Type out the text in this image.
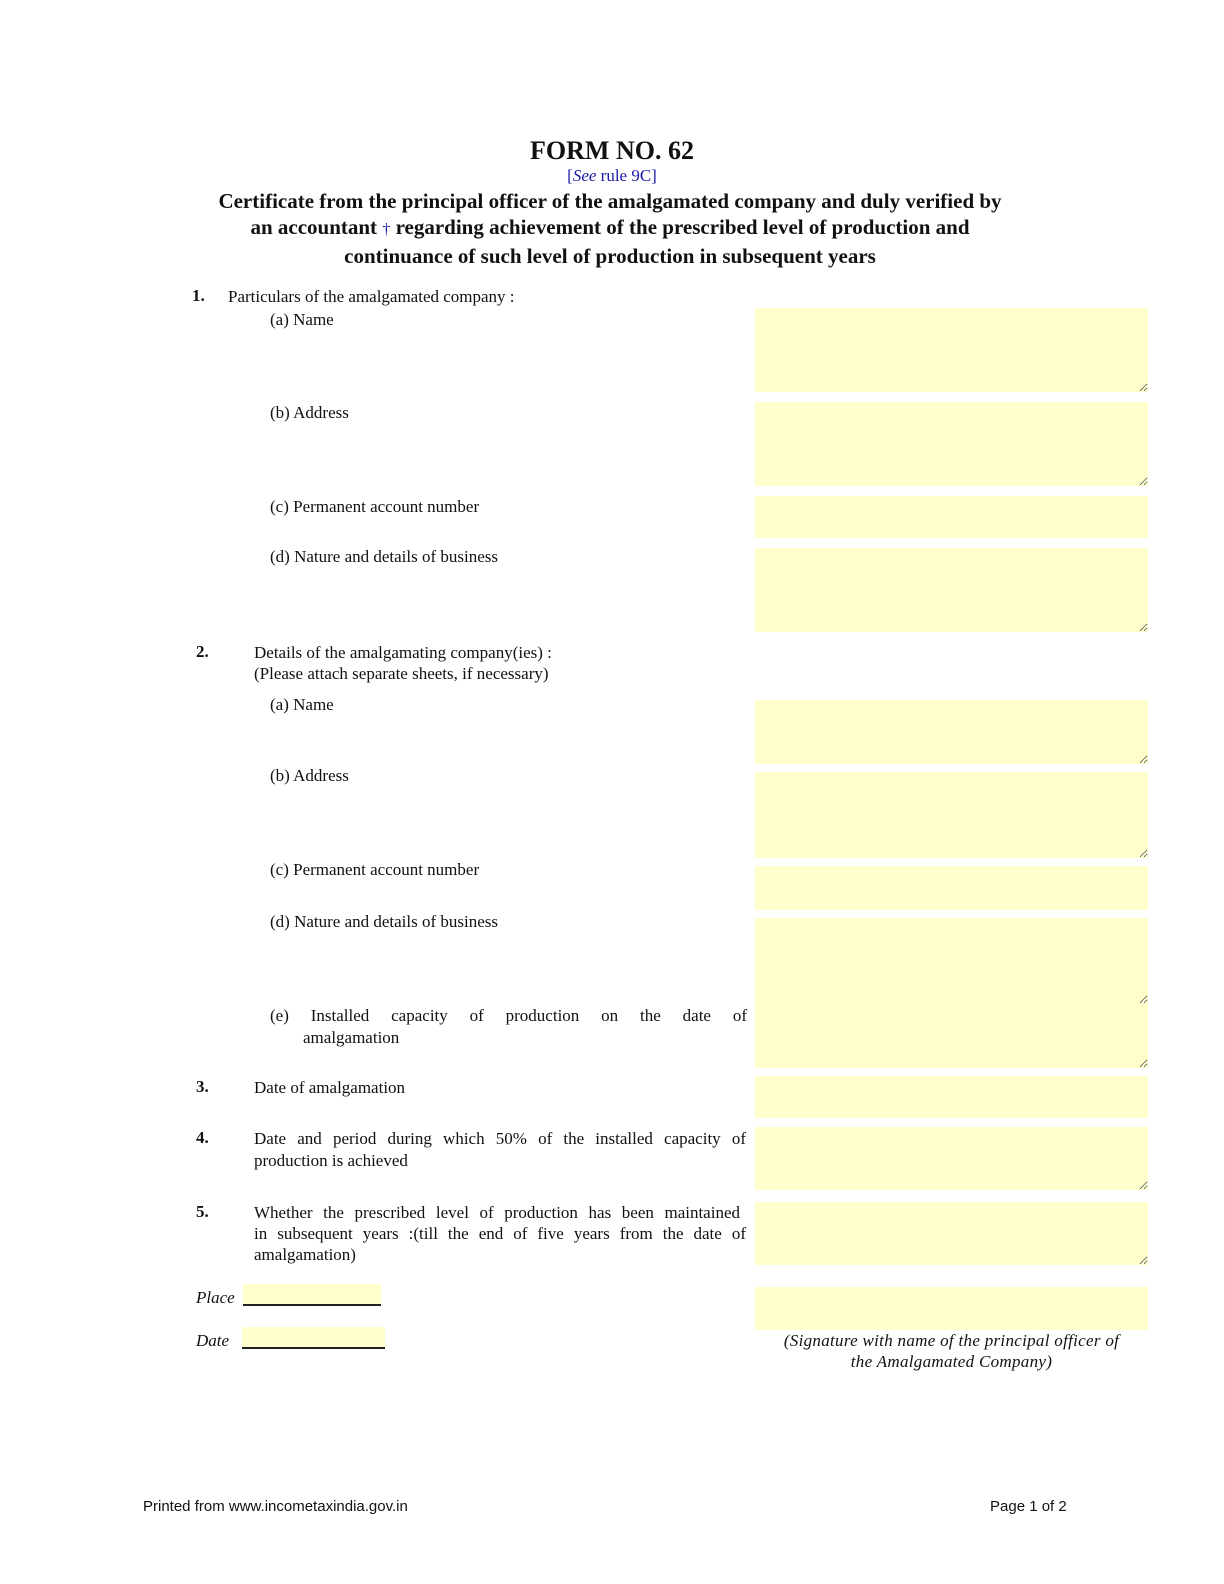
FORM NO. 62
[See rule 9C]
Certificate from the principal officer of the amalgamated company and duly verified by
an accountant † regarding achievement of the prescribed level of production and
continuance of such level of production in subsequent years
1. Particulars of the amalgamated company :
(a) Name
(b) Address
(c) Permanent account number
(d) Nature and details of business
2.	Details of the amalgamating company(ies) :
(Please attach separate sheets, if necessary)
(a) Name
(b) Address
(c) Permanent account number
(d) Nature and details of business
(e) Installed capacity of production on the date of
amalgamation
3.	Date of amalgamation
4.	Date and period during which 50% of the installed capacity of
production is achieved
5.	Whether the prescribed level of production has been maintained
in subsequent years :(till the end of five years from the date of
amalgamation)
Place
Date	(Signature with name of the principal officer of
the Amalgamated Company)
Printed from www.incometaxindia.gov.in	Page 1 of 2
